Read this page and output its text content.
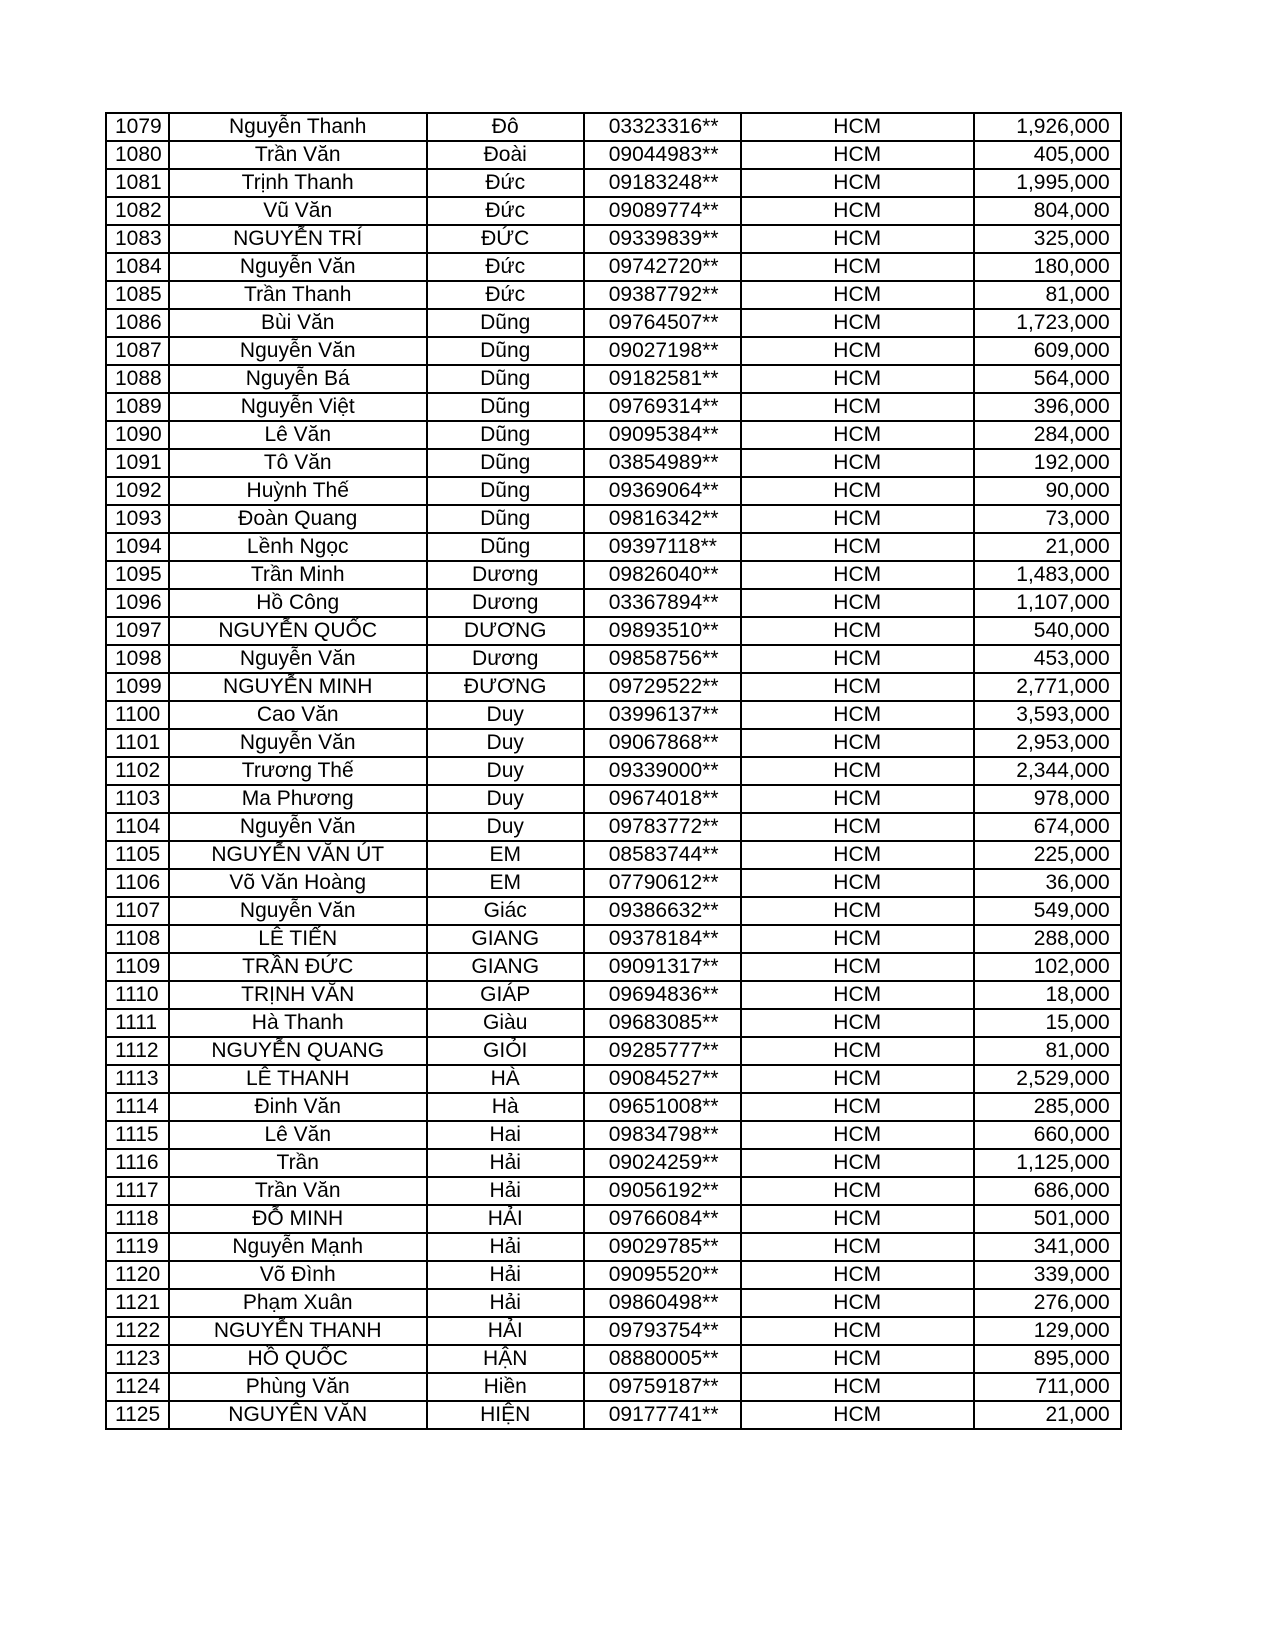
1079	Nguyễn Thanh	Đô	03323316**	HCM	1,926,000
1080	Trần Văn	Đoài	09044983**	HCM	405,000
1081	Trịnh Thanh	Đức	09183248**	HCM	1,995,000
1082	Vũ Văn	Đức	09089774**	HCM	804,000
1083	NGUYỄN TRÍ	ĐỨC	09339839**	HCM	325,000
1084	Nguyễn Văn	Đức	09742720**	HCM	180,000
1085	Trần Thanh	Đức	09387792**	HCM	81,000
1086	Bùi Văn	Dũng	09764507**	HCM	1,723,000
1087	Nguyễn Văn	Dũng	09027198**	HCM	609,000
1088	Nguyễn Bá	Dũng	09182581**	HCM	564,000
1089	Nguyễn Việt	Dũng	09769314**	HCM	396,000
1090	Lê Văn	Dũng	09095384**	HCM	284,000
1091	Tô Văn	Dũng	03854989**	HCM	192,000
1092	Huỳnh Thế	Dũng	09369064**	HCM	90,000
1093	Đoàn Quang	Dũng	09816342**	HCM	73,000
1094	Lềnh Ngọc	Dũng	09397118**	HCM	21,000
1095	Trần Minh	Dương	09826040**	HCM	1,483,000
1096	Hồ Công	Dương	03367894**	HCM	1,107,000
1097	NGUYỄN QUỐC	DƯƠNG	09893510**	HCM	540,000
1098	Nguyễn Văn	Dương	09858756**	HCM	453,000
1099	NGUYỄN MINH	ĐƯƠNG	09729522**	HCM	2,771,000
1100	Cao Văn	Duy	03996137**	HCM	3,593,000
1101	Nguyễn Văn	Duy	09067868**	HCM	2,953,000
1102	Trương Thế	Duy	09339000**	HCM	2,344,000
1103	Ma Phương	Duy	09674018**	HCM	978,000
1104	Nguyễn Văn	Duy	09783772**	HCM	674,000
1105	NGUYỄN VĂN ÚT	EM	08583744**	HCM	225,000
1106	Võ Văn Hoàng	EM	07790612**	HCM	36,000
1107	Nguyễn Văn	Giác	09386632**	HCM	549,000
1108	LÊ TIẾN	GIANG	09378184**	HCM	288,000
1109	TRẦN ĐỨC	GIANG	09091317**	HCM	102,000
1110	TRỊNH VĂN	GIÁP	09694836**	HCM	18,000
1111	Hà Thanh	Giàu	09683085**	HCM	15,000
1112	NGUYỄN QUANG	GIỎI	09285777**	HCM	81,000
1113	LÊ THANH	HÀ	09084527**	HCM	2,529,000
1114	Đinh Văn	Hà	09651008**	HCM	285,000
1115	Lê Văn	Hai	09834798**	HCM	660,000
1116	Trần	Hải	09024259**	HCM	1,125,000
1117	Trần Văn	Hải	09056192**	HCM	686,000
1118	ĐỖ MINH	HẢI	09766084**	HCM	501,000
1119	Nguyễn Mạnh	Hải	09029785**	HCM	341,000
1120	Võ Đình	Hải	09095520**	HCM	339,000
1121	Phạm Xuân	Hải	09860498**	HCM	276,000
1122	NGUYỄN THANH	HẢI	09793754**	HCM	129,000
1123	HỒ QUỐC	HẬN	08880005**	HCM	895,000
1124	Phùng Văn	Hiền	09759187**	HCM	711,000
1125	NGUYÊN VĂN	HIỆN	09177741**	HCM	21,000
